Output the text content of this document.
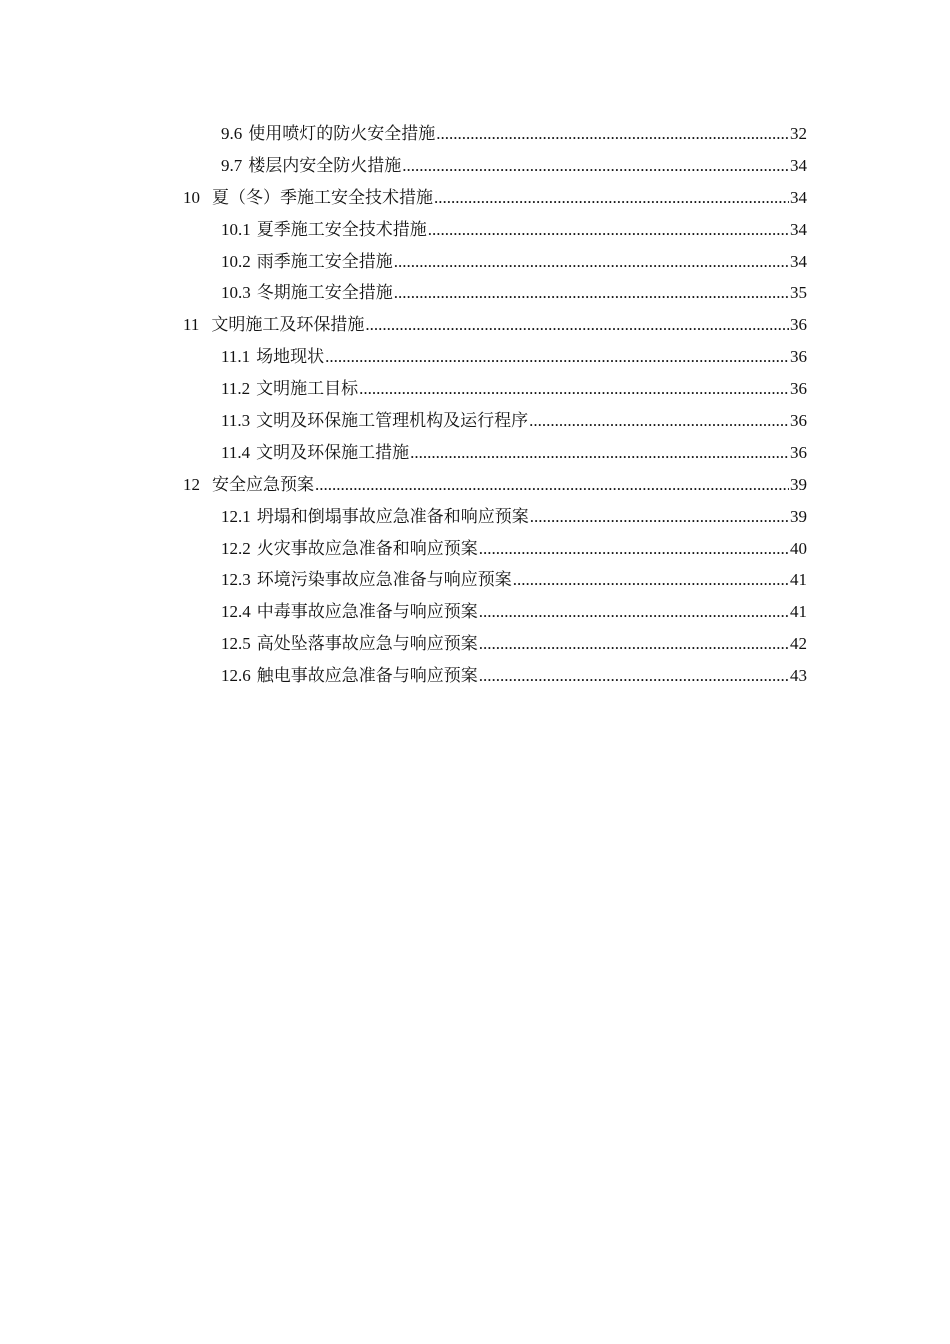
9.6 使用喷灯的防火安全措施 .....	32
9.7 楼层内安全防火措施 .....	34
10 夏（冬）季施工安全技术措施 .....	34
10.1 夏季施工安全技术措施 .....	34
10.2 雨季施工安全措施 .....	34
10.3 冬期施工安全措施 .....	35
11 文明施工及环保措施 .....	36
11.1 场地现状 .....	36
11.2 文明施工目标 .....	36
11.3 文明及环保施工管理机构及运行程序 .....	36
11.4 文明及环保施工措施 .....	36
12 安全应急预案 .....	39
12.1 坍塌和倒塌事故应急准备和响应预案 .....	39
12.2 火灾事故应急准备和响应预案 .....	40
12.3 环境污染事故应急准备与响应预案 .....	41
12.4 中毒事故应急准备与响应预案 .....	41
12.5 高处坠落事故应急与响应预案 .....	42
12.6 触电事故应急准备与响应预案 .....	43
